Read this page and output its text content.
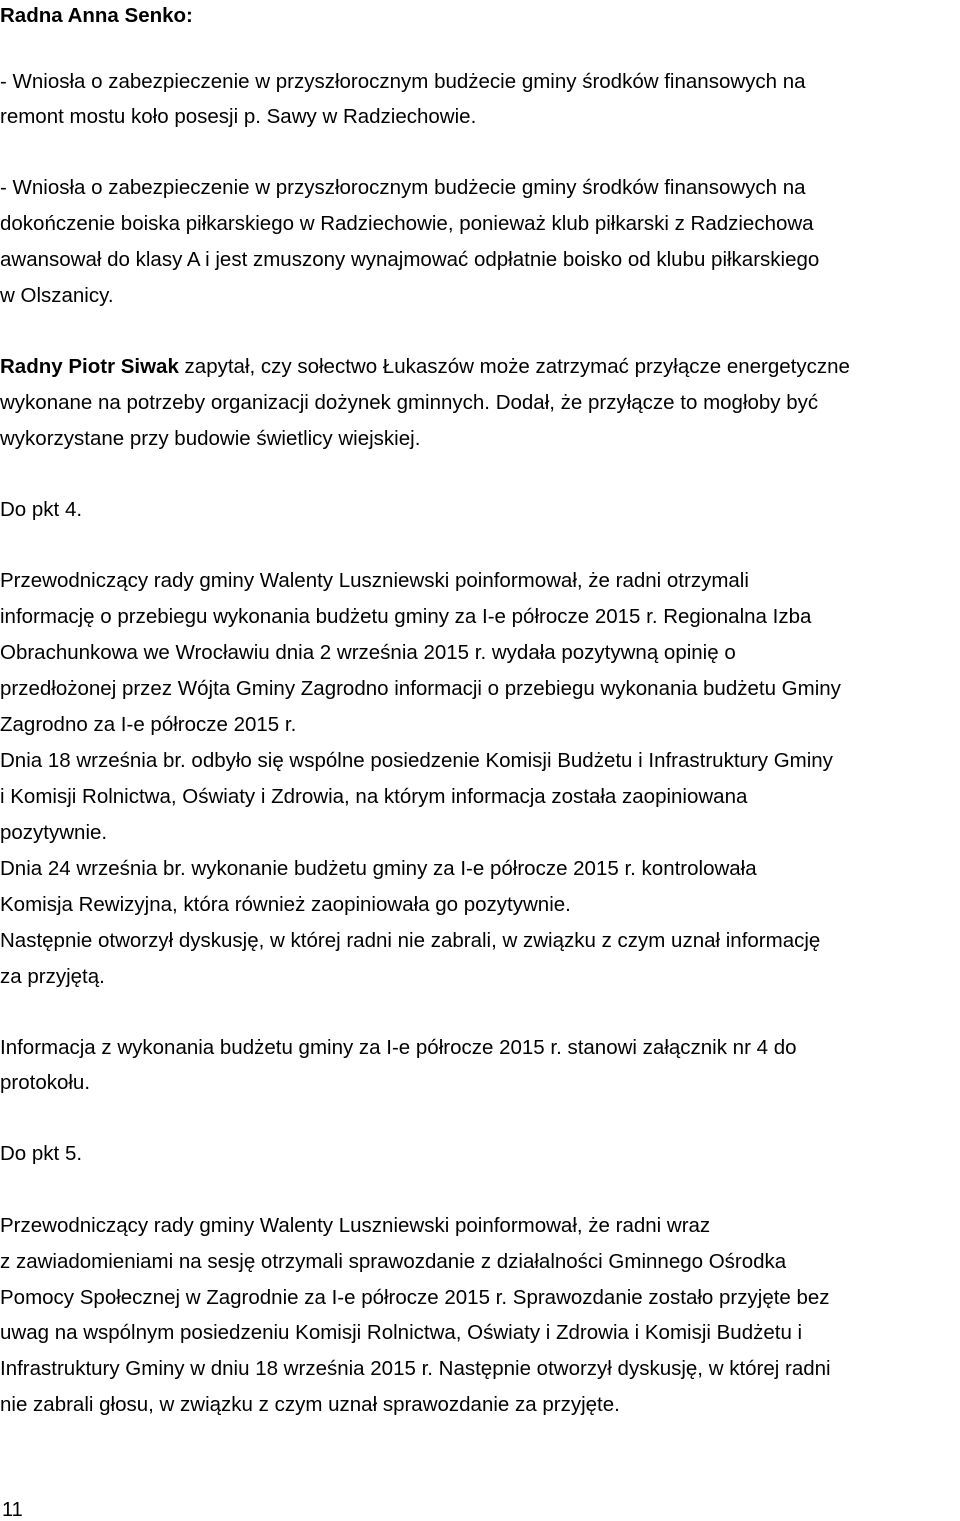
Radna Anna Senko:
- Wniosła o zabezpieczenie w przyszłorocznym budżecie gminy środków finansowych na
remont mostu koło posesji p. Sawy w Radziechowie.
- Wniosła o zabezpieczenie w przyszłorocznym budżecie gminy środków finansowych na
dokończenie boiska piłkarskiego w Radziechowie, ponieważ klub piłkarski z Radziechowa
awansował do klasy A i jest zmuszony wynajmować odpłatnie boisko od klubu piłkarskiego
w Olszanicy.
Radny Piotr Siwak zapytał, czy sołectwo Łukaszów może zatrzymać przyłącze energetyczne
wykonane na potrzeby organizacji dożynek gminnych. Dodał, że przyłącze to mogłoby być
wykorzystane przy budowie świetlicy wiejskiej.
Do pkt 4.
Przewodniczący rady gminy Walenty Luszniewski poinformował, że radni otrzymali
informację o przebiegu wykonania budżetu gminy za I-e półrocze 2015 r. Regionalna Izba
Obrachunkowa we Wrocławiu dnia 2 września 2015 r. wydała pozytywną opinię o
przedłożonej przez Wójta Gminy Zagrodno informacji o przebiegu wykonania budżetu Gminy
Zagrodno za I-e półrocze 2015 r.
Dnia 18 września br. odbyło się wspólne posiedzenie Komisji Budżetu i Infrastruktury Gminy
i Komisji Rolnictwa, Oświaty i Zdrowia, na którym informacja została zaopiniowana
pozytywnie.
Dnia 24 września br. wykonanie budżetu gminy za I-e półrocze 2015 r. kontrolowała
Komisja Rewizyjna, która również zaopiniowała go pozytywnie.
Następnie otworzył dyskusję, w której radni nie zabrali, w związku z czym uznał informację
za przyjętą.
Informacja z wykonania budżetu gminy za I-e półrocze 2015 r. stanowi załącznik nr 4 do
protokołu.
Do pkt 5.
Przewodniczący rady gminy Walenty Luszniewski poinformował, że radni wraz
z zawiadomieniami na sesję otrzymali sprawozdanie z działalności Gminnego Ośrodka
Pomocy Społecznej w Zagrodnie za I-e półrocze 2015 r. Sprawozdanie zostało przyjęte bez
uwag na wspólnym posiedzeniu Komisji Rolnictwa, Oświaty i Zdrowia i Komisji Budżetu i
Infrastruktury Gminy w dniu 18 września 2015 r. Następnie otworzył dyskusję, w której radni
nie zabrali głosu, w związku z czym uznał sprawozdanie za przyjęte.
11
